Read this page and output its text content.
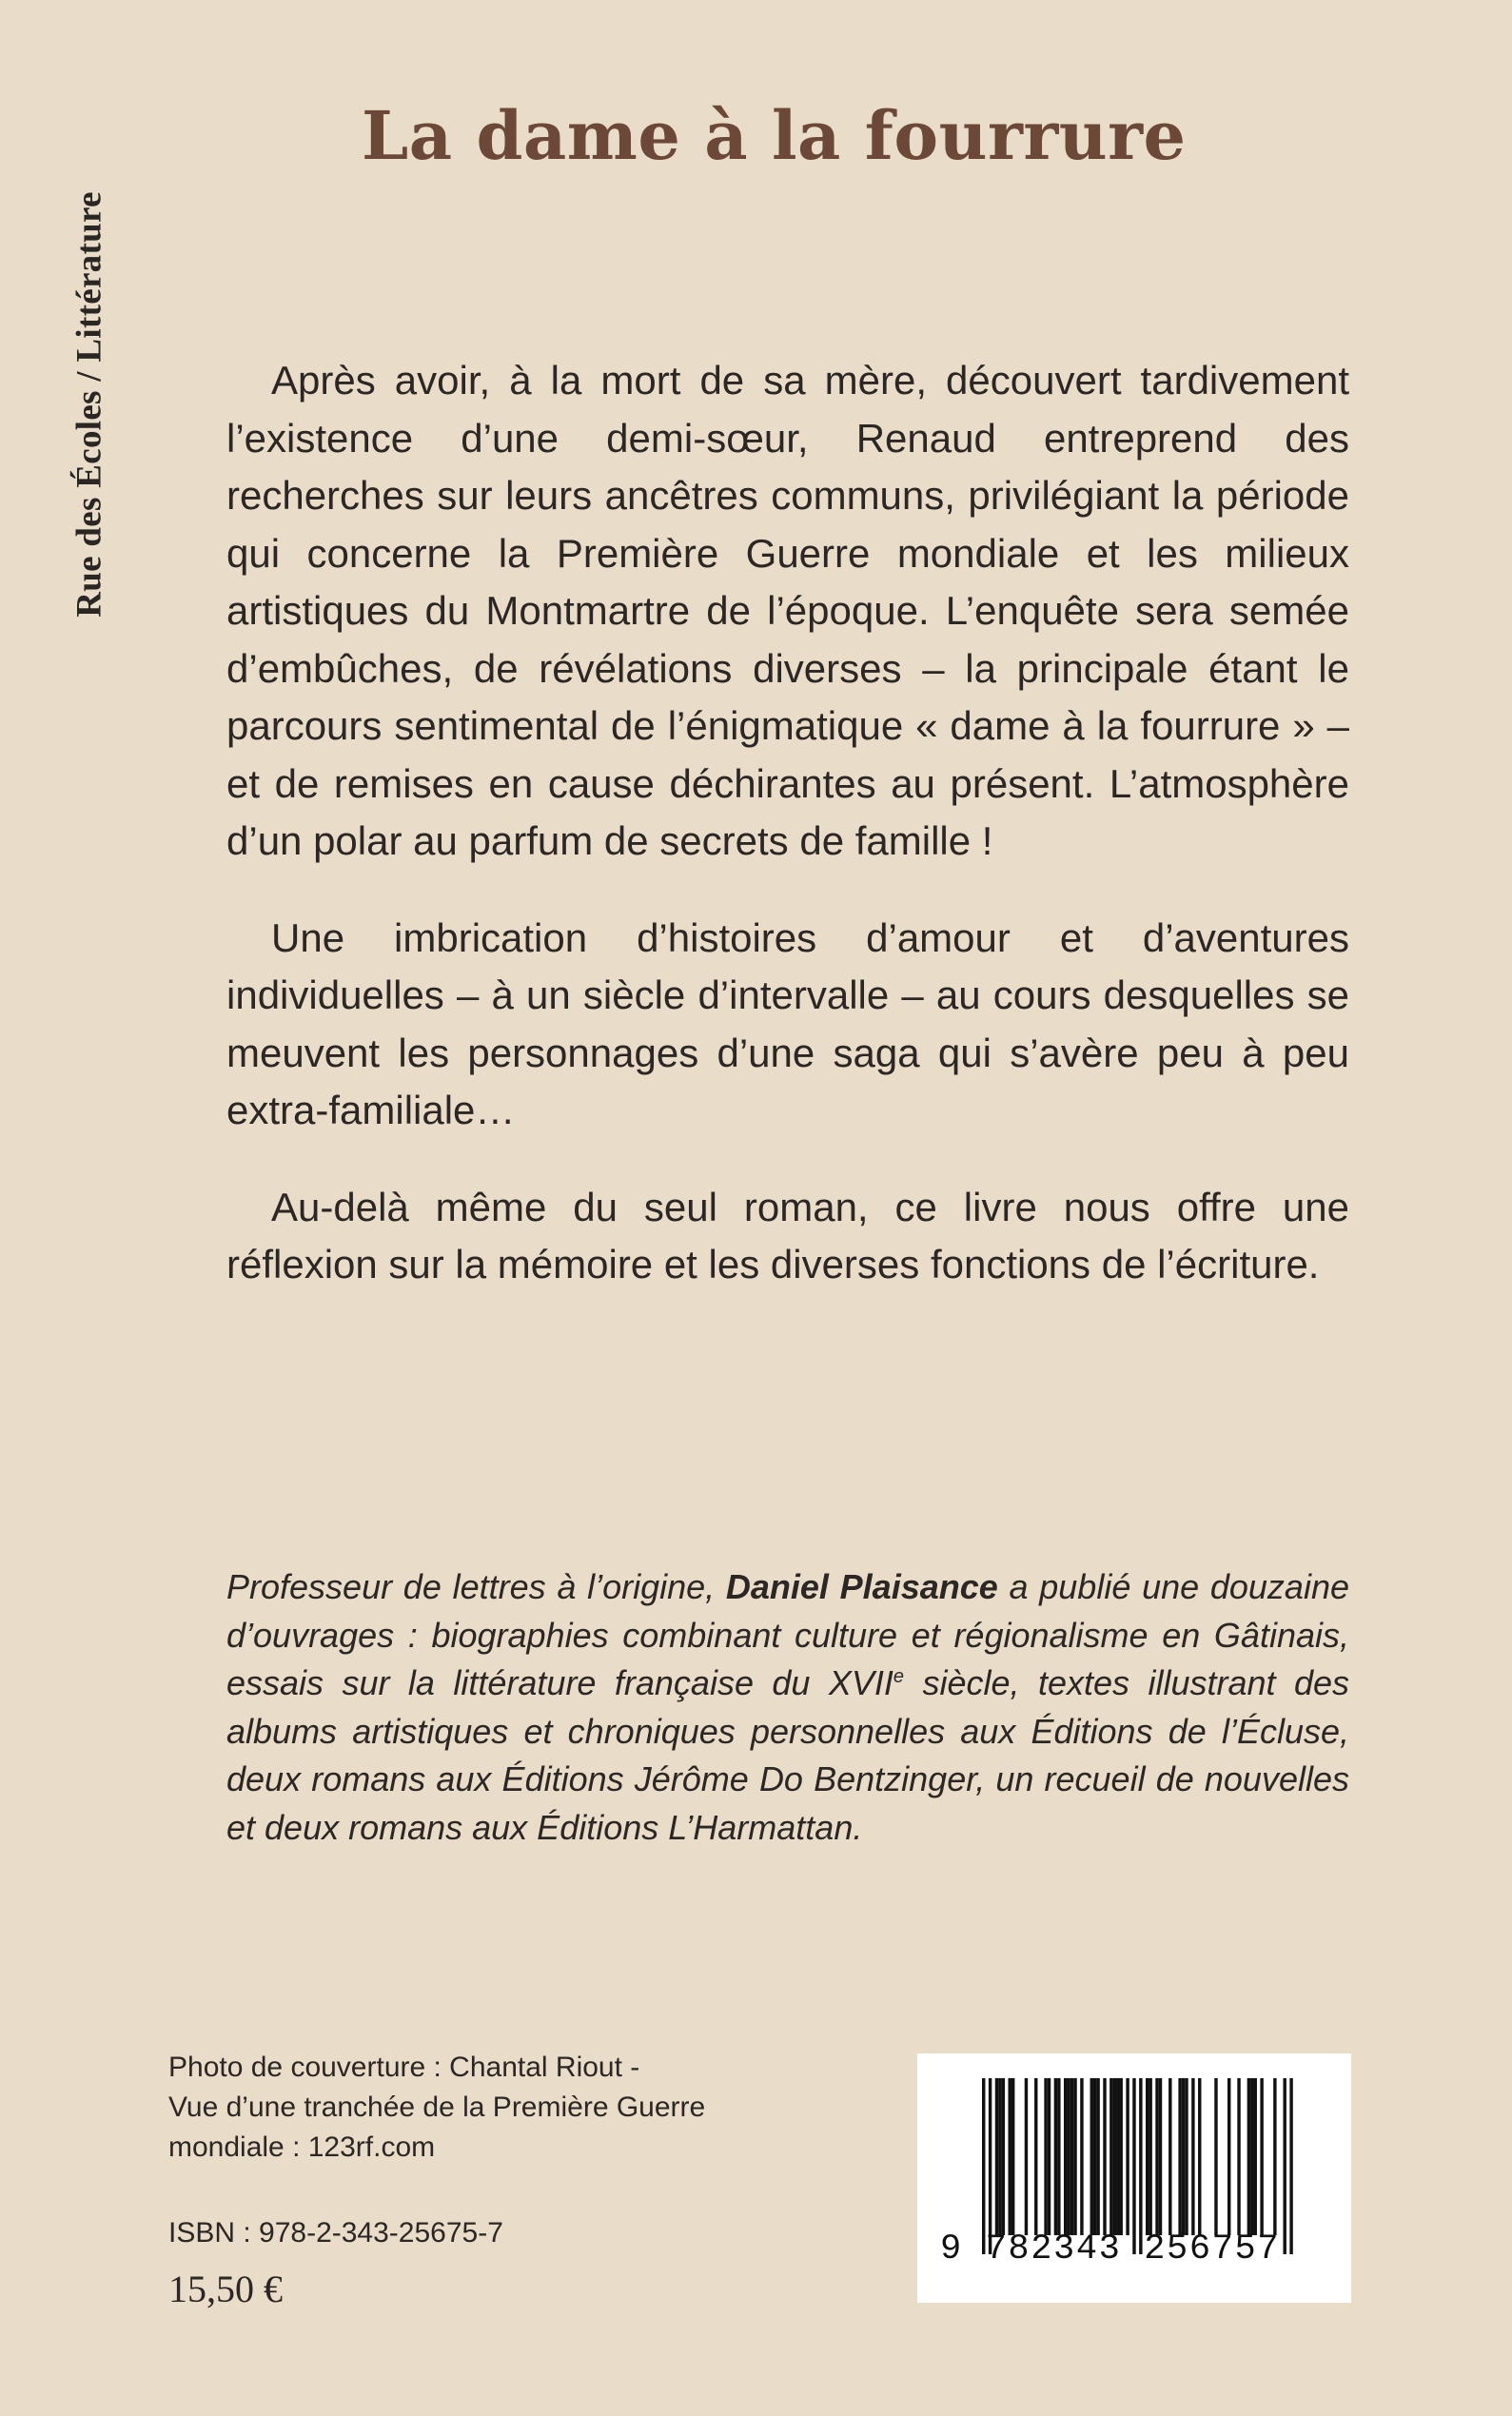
Rue des Écoles / Littérature
La dame à la fourrure

Après avoir, à la mort de sa mère, découvert tardivement l’existence d’une demi-sœur, Renaud entreprend des recherches sur leurs ancêtres communs, privilégiant la période qui concerne la Première Guerre mondiale et les milieux artistiques du Montmartre de l’époque. L’enquête sera semée d’embûches, de révélations diverses – la principale étant le parcours sentimental de l’énigmatique « dame à la fourrure » – et de remises en cause déchirantes au présent. L’atmosphère d’un polar au parfum de secrets de famille !

Une imbrication d’histoires d’amour et d’aventures individuelles – à un siècle d’intervalle – au cours desquelles se meuvent les personnages d’une saga qui s’avère peu à peu extra-familiale…

Au-delà même du seul roman, ce livre nous offre une réflexion sur la mémoire et les diverses fonctions de l’écriture.

Professeur de lettres à l’origine, Daniel Plaisance a publié une douzaine d’ouvrages : biographies combinant culture et régionalisme en Gâtinais, essais sur la littérature française du XVIIe siècle, textes illustrant des albums artistiques et chroniques personnelles aux Éditions de l’Écluse, deux romans aux Éditions Jérôme Do Bentzinger, un recueil de nouvelles et deux romans aux Éditions L’Harmattan.

Photo de couverture : Chantal Riout -
Vue d’une tranchée de la Première Guerre
mondiale : 123rf.com
ISBN : 978-2-343-25675-7
15,50 €
9 782343 256757
